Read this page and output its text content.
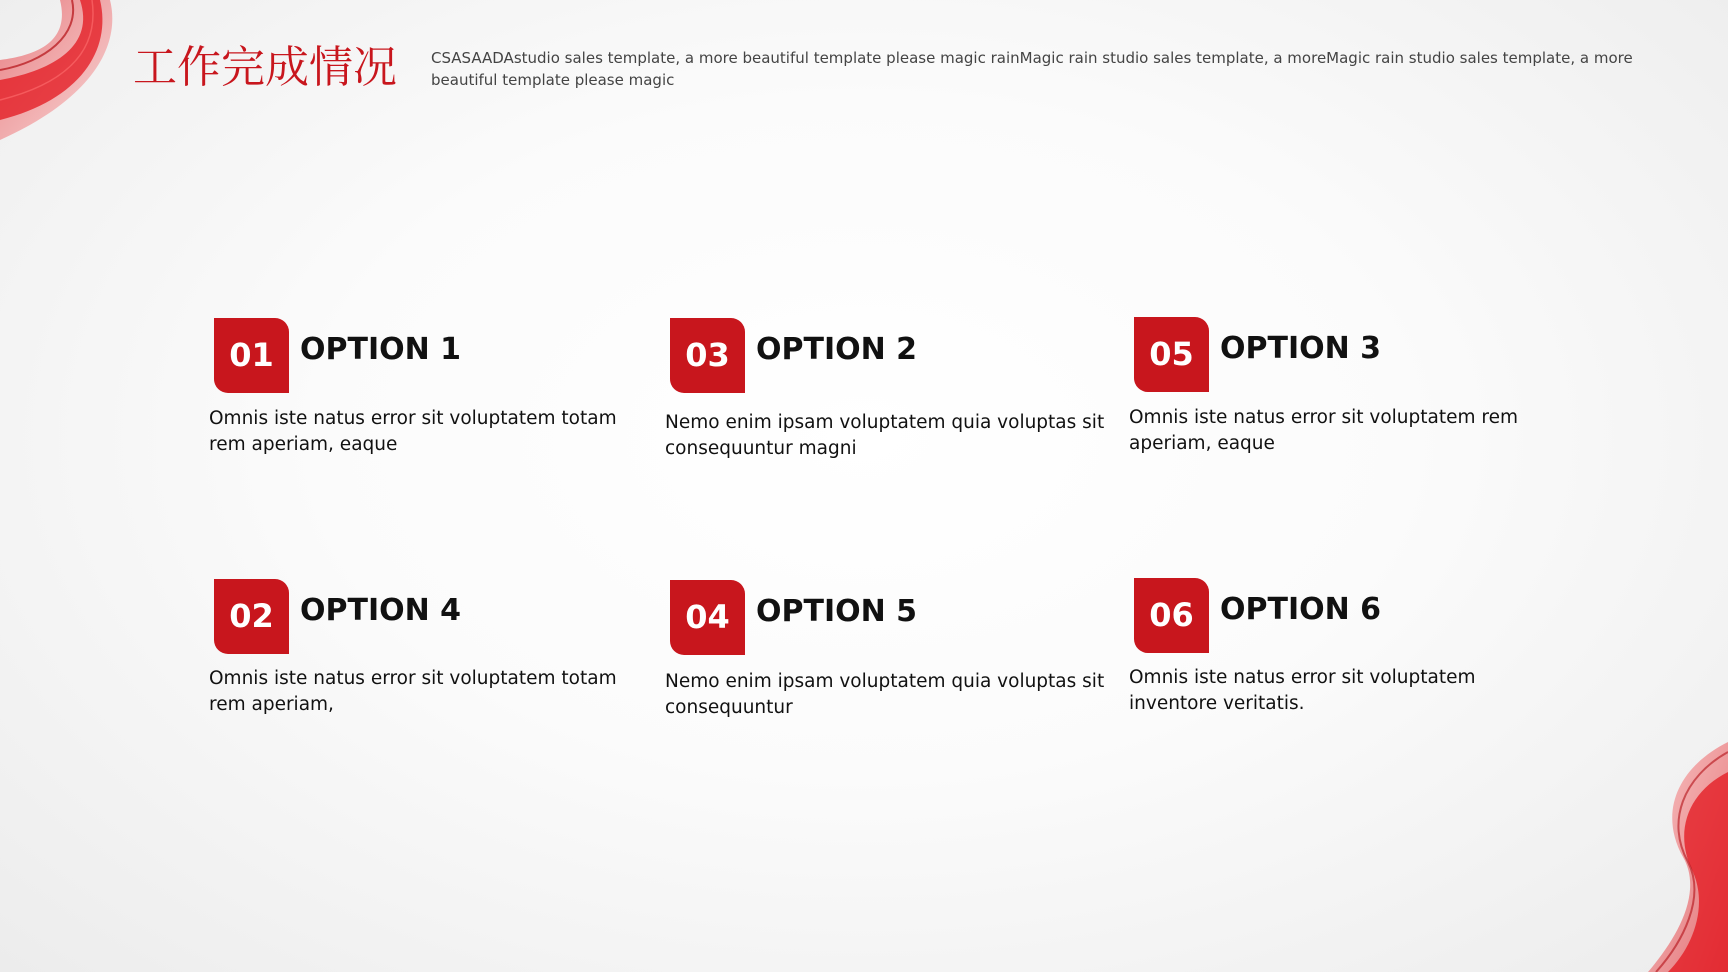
工作完成情况 CSASAADAstudio sales template, a more beautiful template please magic rainMagic rain studio sales template, a moreMagic rain studio sales template, a more beautiful template please magic
01 OPTION 1
Omnis iste natus error sit voluptatem totam rem aperiam, eaque
03 OPTION 2
Nemo enim ipsam voluptatem quia voluptas sit consequuntur magni
05 OPTION 3
Omnis iste natus error sit voluptatem rem aperiam, eaque
02 OPTION 4
Omnis iste natus error sit voluptatem totam rem aperiam,
04 OPTION 5
Nemo enim ipsam voluptatem quia voluptas sit consequuntur
06 OPTION 6
Omnis iste natus error sit voluptatem inventore veritatis.
